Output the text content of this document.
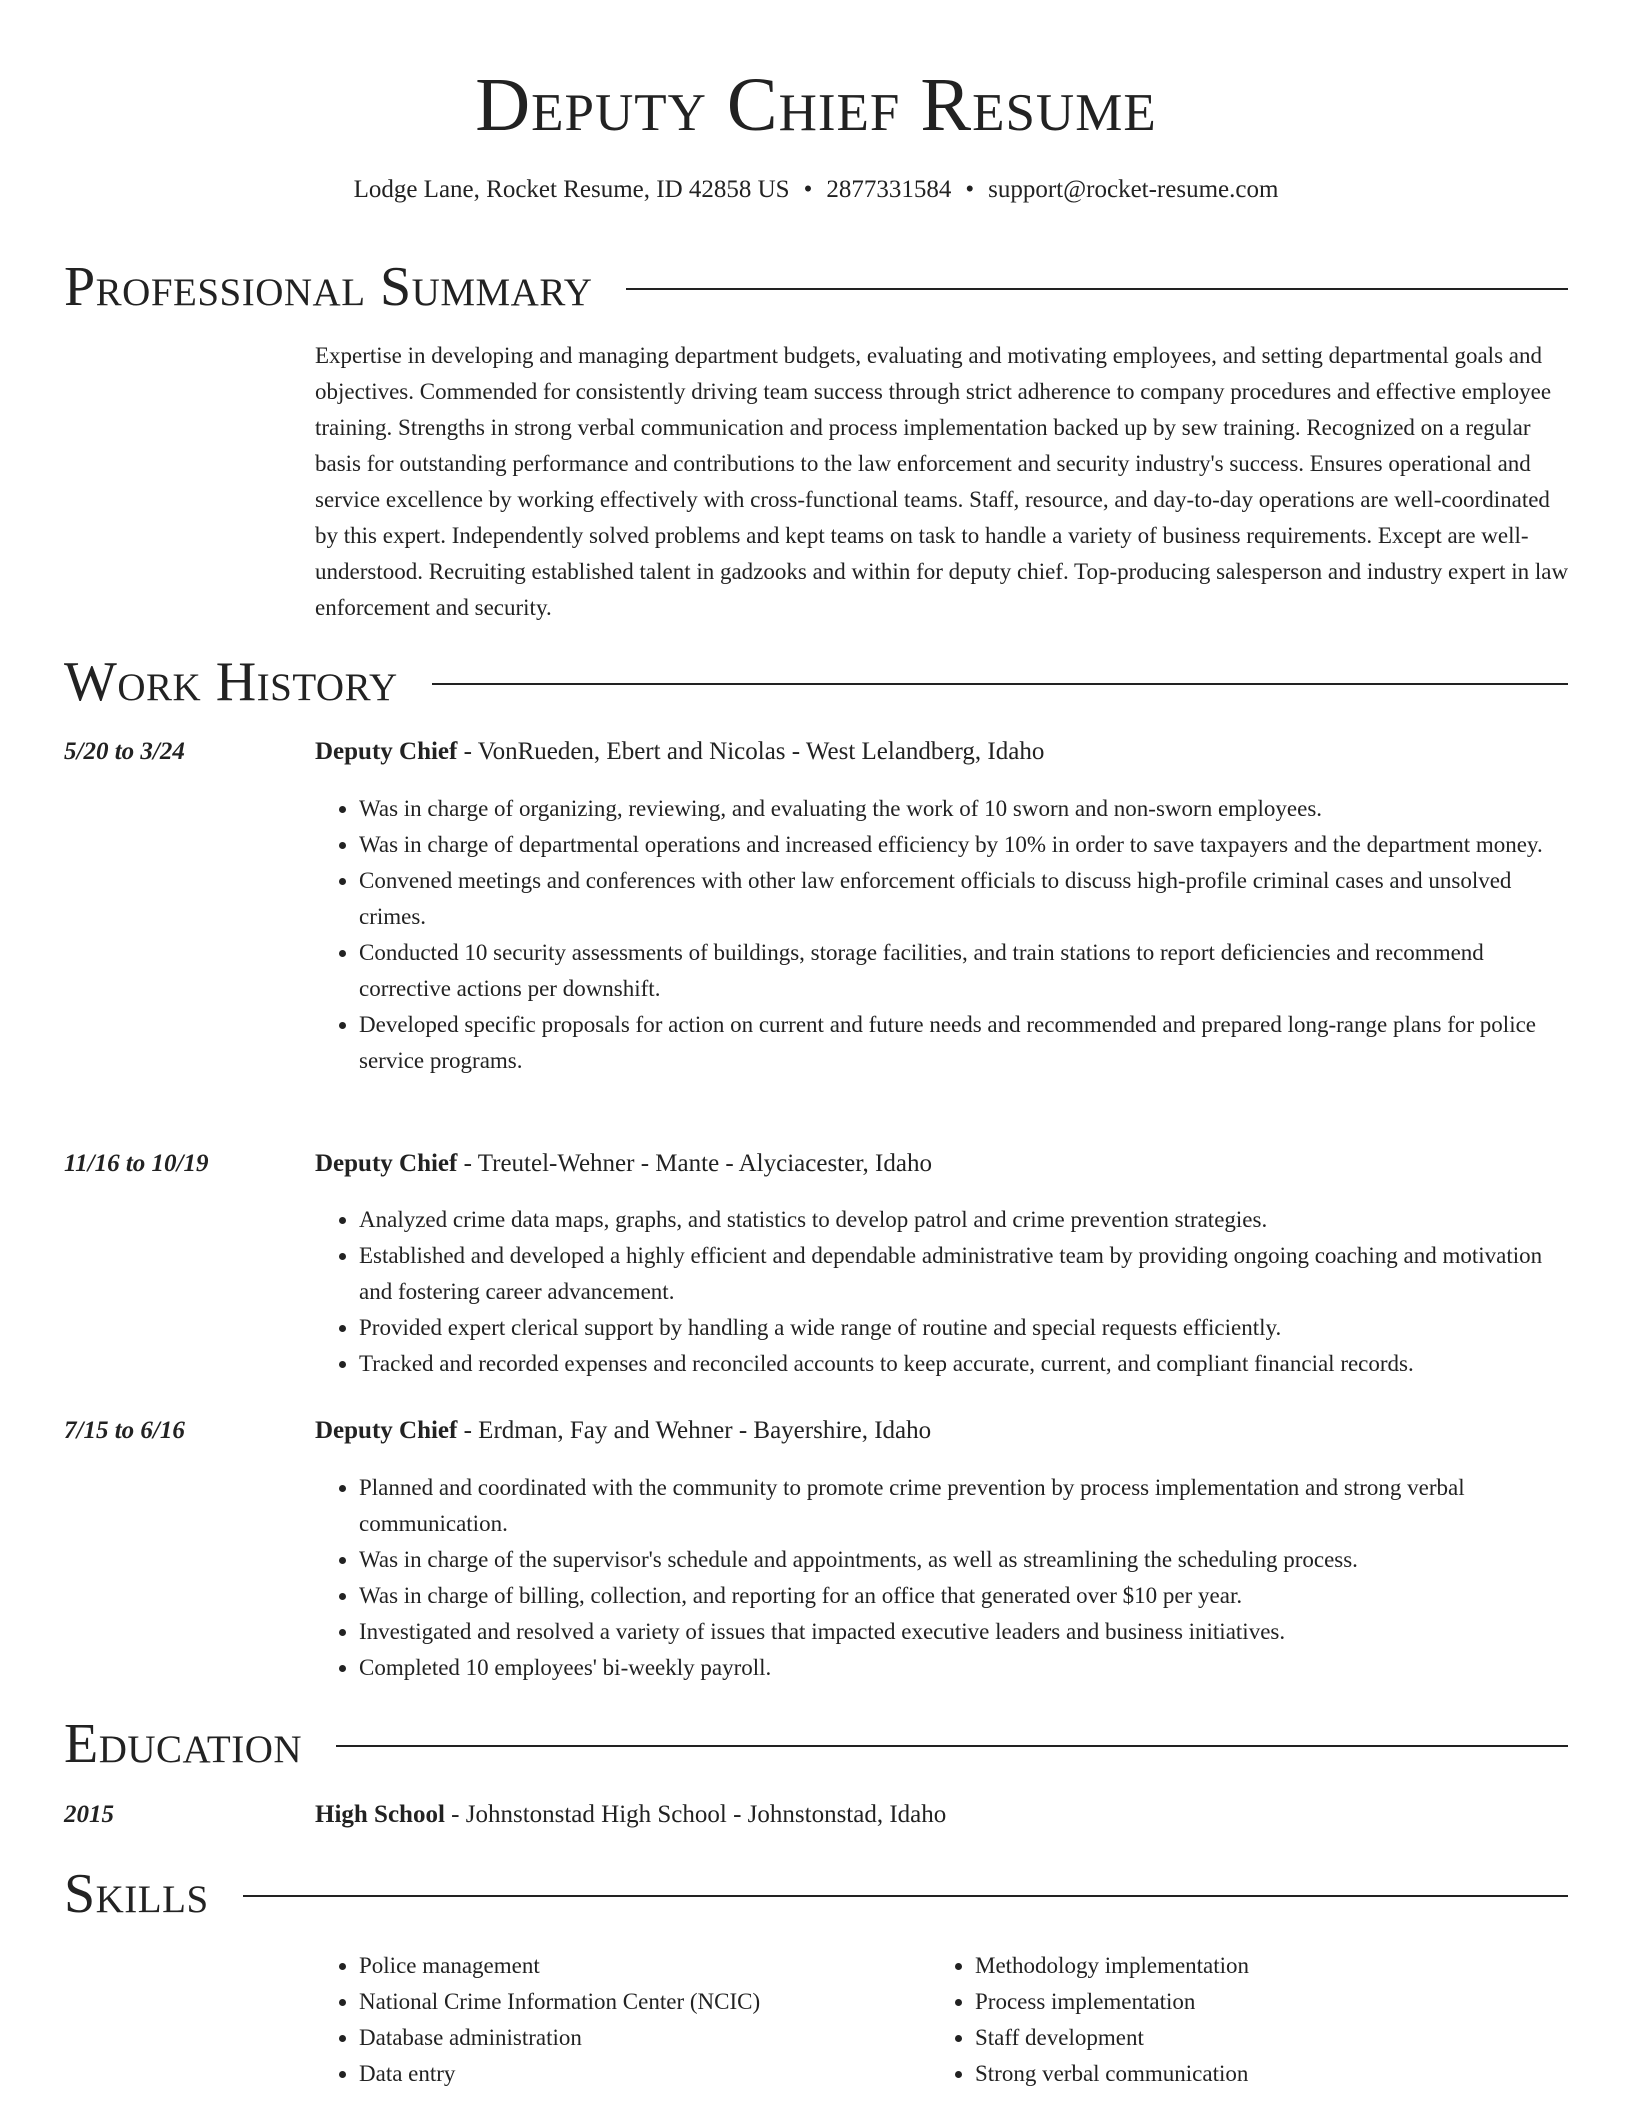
Deputy Chief Resume
Lodge Lane, Rocket Resume, ID 42858 US • 2877331584 • support@rocket-resume.com
Professional Summary
Expertise in developing and managing department budgets, evaluating and motivating employees, and setting departmental goals and objectives. Commended for consistently driving team success through strict adherence to company procedures and effective employee training. Strengths in strong verbal communication and process implementation backed up by sew training. Recognized on a regular basis for outstanding performance and contributions to the law enforcement and security industry's success. Ensures operational and service excellence by working effectively with cross-functional teams. Staff, resource, and day-to-day operations are well-coordinated by this expert. Independently solved problems and kept teams on task to handle a variety of business requirements. Except are well-understood. Recruiting established talent in gadzooks and within for deputy chief. Top-producing salesperson and industry expert in law enforcement and security.
Work History
5/20 to 3/24	Deputy Chief - VonRueden, Ebert and Nicolas - West Lelandberg, Idaho
• Was in charge of organizing, reviewing, and evaluating the work of 10 sworn and non-sworn employees.
• Was in charge of departmental operations and increased efficiency by 10% in order to save taxpayers and the department money.
• Convened meetings and conferences with other law enforcement officials to discuss high-profile criminal cases and unsolved crimes.
• Conducted 10 security assessments of buildings, storage facilities, and train stations to report deficiencies and recommend corrective actions per downshift.
• Developed specific proposals for action on current and future needs and recommended and prepared long-range plans for police service programs.
11/16 to 10/19	Deputy Chief - Treutel-Wehner - Mante - Alyciacester, Idaho
• Analyzed crime data maps, graphs, and statistics to develop patrol and crime prevention strategies.
• Established and developed a highly efficient and dependable administrative team by providing ongoing coaching and motivation and fostering career advancement.
• Provided expert clerical support by handling a wide range of routine and special requests efficiently.
• Tracked and recorded expenses and reconciled accounts to keep accurate, current, and compliant financial records.
7/15 to 6/16	Deputy Chief - Erdman, Fay and Wehner - Bayershire, Idaho
• Planned and coordinated with the community to promote crime prevention by process implementation and strong verbal communication.
• Was in charge of the supervisor's schedule and appointments, as well as streamlining the scheduling process.
• Was in charge of billing, collection, and reporting for an office that generated over $10 per year.
• Investigated and resolved a variety of issues that impacted executive leaders and business initiatives.
• Completed 10 employees' bi-weekly payroll.
Education
2015	High School - Johnstonstad High School - Johnstonstad, Idaho
Skills
• Police management
• National Crime Information Center (NCIC)
• Database administration
• Data entry
• Methodology implementation
• Process implementation
• Staff development
• Strong verbal communication
